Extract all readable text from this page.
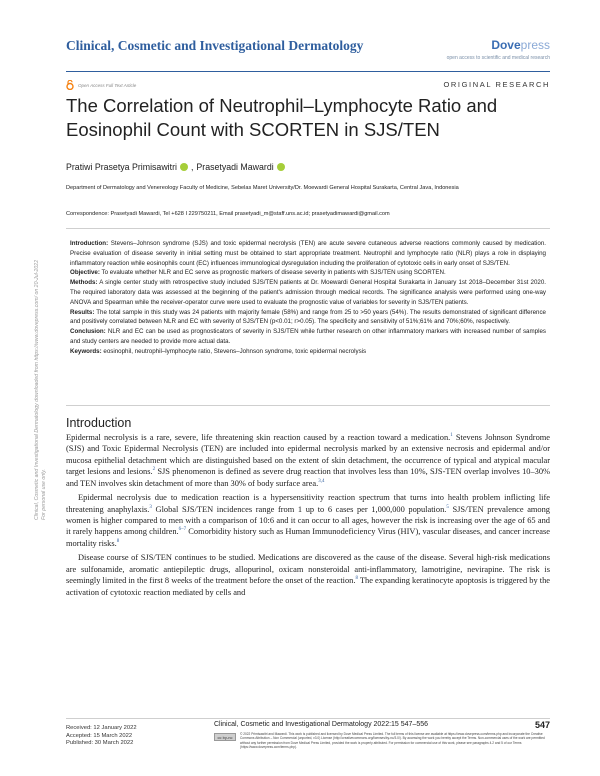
Clinical, Cosmetic and Investigational Dermatology	Dovepress
open access to scientific and medical research
Open Access Full Text Article	ORIGINAL RESEARCH
Clinical, Cosmetic and Investigational Dermatology downloaded from https://www.dovepress.com/ on 20-Jul-2022
For personal use only.
The Correlation of Neutrophil–Lymphocyte Ratio and Eosinophil Count with SCORTEN in SJS/TEN
Pratiwi Prasetya Primisawitri , Prasetyadi Mawardi
Department of Dermatology and Venereology Faculty of Medicine, Sebelas Maret University/Dr. Moewardi General Hospital Surakarta, Central Java, Indonesia
Correspondence: Prasetyadi Mawardi, Tel +628 I 229750211, Email prasetyadi_m@staff.uns.ac.id; prasetyadimawardi@gmail.com

Introduction: Stevens–Johnson syndrome (SJS) and toxic epidermal necrolysis (TEN) are acute severe cutaneous adverse reactions commonly caused by medication. Precise evaluation of disease severity in initial setting must be obtained to start appropriate treatment. Neutrophil and lymphocyte ratio (NLR) plays a role in displaying inflammatory reaction while eosinophils count (EC) influences immunological dysregulation including the proliferation of cytotoxic cells in early onset of SJS/TEN.

Objective: To evaluate whether NLR and EC serve as prognostic markers of disease severity in patients with SJS/TEN using SCORTEN.

Methods: A single center study with retrospective study included SJS/TEN patients at Dr. Moewardi General Hospital Surakarta in January 1st 2018–December 31st 2020. The required laboratory data was assessed at the beginning of the patient's admission through medical records. The significance analysis were performed using one-way ANOVA and Spearman while the receiver-operator curve were used to evaluate the prognostic value of variables for severity in SJS/TEN patients.

Results: The total sample in this study was 24 patients with majority female (58%) and range from 25 to >50 years (54%). The results demonstrated of significant difference and positively correlated between NLR and EC with severity of SJS/TEN (p<0.01; r>0.05). The specificity and sensitivity of 51%;61% and 70%;60%, respectively.

Conclusion: NLR and EC can be used as prognosticators of severity in SJS/TEN while further research on other inflammatory markers with increased number of samples and study centers are needed to provide more actual data.

Keywords: eosinophil, neutrophil–lymphocyte ratio, Stevens–Johnson syndrome, toxic epidermal necrolysis

Introduction

Epidermal necrolysis is a rare, severe, life threatening skin reaction caused by a reaction toward a medication.$^1$ Stevens Johnson Syndrome (SJS) and Toxic Epidermal Necrolysis (TEN) are included into epidermal necrolysis marked by an extensive necrosis and epidermal and/or mucosa epithelial detachment which are distinguished based on the extent of skin detachment, the occurrence of typical and atypical macular target lesions and lesions.$^2$ SJS phenomenon is defined as severe drug reaction that involves less than 10%, SJS-TEN overlap involves 10–30% and TEN involves skin detachment of more than 30% of body surface area.$^{3,4}$

Epidermal necrolysis due to medication reaction is a hypersensitivity reaction spectrum that turns into health problem inflicting life threatening anaphylaxis.$^3$ Global SJS/TEN incidences range from 1 up to 6 cases per 1,000,000 population.$^5$ SJS/TEN prevalence among women is higher compared to men with a comparison of 10:6 and it can occur to all ages, however the risk is increasing over the age of 65 and it rarely happens among children.$^{6-7}$ Comorbidity history such as Human Immunodeficiency Virus (HIV), vascular diseases, and cancer increase mortality risks.$^8$

Disease course of SJS/TEN continues to be studied. Medications are discovered as the cause of the disease. Several high-risk medications are sulfonamide, aromatic antiepileptic drugs, allopurinol, oxicam nonsteroidal anti-inflammatory, lamotrigine, nevirapine. The risk is seemingly limited in the first 8 weeks of the treatment before the onset of the reaction.$^8$ The expanding keratinocyte apoptosis is triggered by the activation of cytotoxic reaction mediated by cells and

Received: 12 January 2022
Accepted: 15 March 2022
Published: 30 March 2022
Clinical, Cosmetic and Investigational Dermatology 2022:15 547–556	547
cc by-nc
© 2022 Primisawitri and Mawardi. This work is published and licensed by Dove Medical Press Limited. The full terms of this license are available at https://www.dovepress.com/terms.php and incorporate the Creative Commons Attribution – Non Commercial (unported, v3.0) License (http://creativecommons.org/licenses/by-nc/3.0/). By accessing the work you hereby accept the Terms. Non-commercial uses of the work are permitted without any further permission from Dove Medical Press Limited, provided the work is properly attributed. For permission for commercial use of this work, please see paragraphs 4.2 and 5 of our Terms (https://www.dovepress.com/terms.php).
